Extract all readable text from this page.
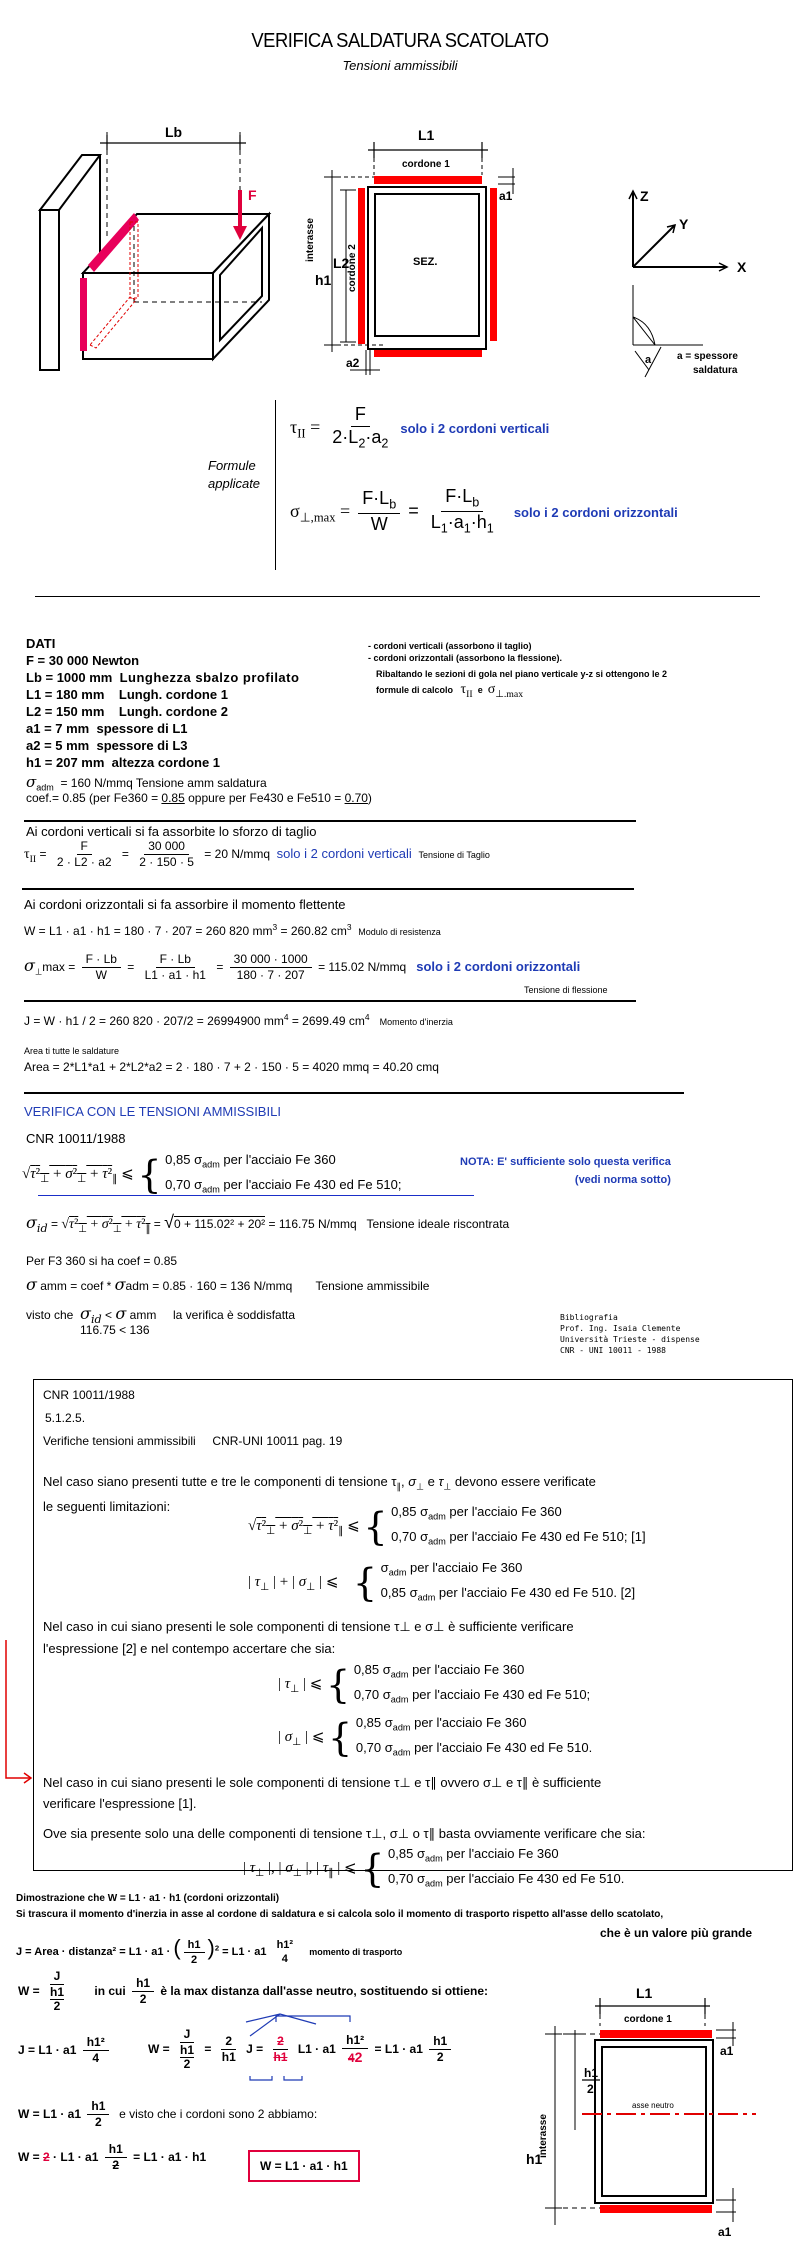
VERIFICA SALDATURA SCATOLATO
Tensioni ammissibili
Lb
F
L1
cordone 1
SEZ.
a1
L2
cordone 2
a2
interasse
h1
Z
Y
X
a	a = spessore
saldatura
Formule
applicate
$\tau_{II} = \frac{F}{2\cdot L_2\cdot a_2}$ solo i 2 cordoni verticali
$\sigma_{\perp,max} = \frac{F\cdot L_b}{W} = \frac{F\cdot L_b}{L_1\cdot a_1\cdot h_1}$ solo i 2 cordoni orizzontali
DATI
F = 30 000 Newton
Lb = 1000 mm Lunghezza sbalzo profilato
L1 = 180 mm Lungh. cordone 1
L2 = 150 mm Lungh. cordone 2
a1 = 7 mm spessore di L1
a2 = 5 mm spessore di L3
h1 = 207 mm altezza cordone 1
$\sigma_{adm} = 160$ N/mmq Tensione amm saldatura
coef.= 0.85 (per Fe360 = 0.85 oppure per Fe430 e Fe510 = 0.70)
- cordoni verticali (assorbono il taglio)
- cordoni orizzontali (assorbono la flessione).
Ribaltando le sezioni di gola nel piano verticale y-z si ottengono le 2
formule di calcolo $\tau_{II}$ e $\sigma_{\perp.max}$
Ai cordoni verticali si fa assorbite lo sforzo di taglio
$\tau_{II} = \frac{F}{2 \cdot L2 \cdot a2} = \frac{30 000}{2 \cdot 150 \cdot 5} = 20$ N/mmq solo i 2 cordoni verticali Tensione di Taglio
Ai cordoni orizzontali si fa assorbire il momento flettente
W = L1 · a1 · h1 = 180 · 7 · 207 = 260 820 $mm^3 = 260.82$ $cm^3$ Modulo di resistenza
$\sigma_\perp\max = \frac{F \cdot Lb}{W} = \frac{F \cdot Lb}{L1 \cdot a1 \cdot h1} = \frac{30 000 \cdot 1000}{180 \cdot 7 \cdot 207} = 115.02$ N/mmq solo i 2 cordoni orizzontali
Tensione di flessione
J = W · h1 / 2 = 260 820 · 207/2 = 26994900 $mm^4 = 2699.49$ $cm^4$ Momento d'inerzia
Area ti tutte le saldature
Area = 2*L1*a1 + 2*L2*a2 = 2 · 180 · 7 + 2 · 150 · 5 = 4020 mmq = 40.20 cmq
VERIFICA CON LE TENSIONI AMMISSIBILI
CNR 10011/1988
$√\tau^2_\perp + \sigma^2_\perp + \tau^2_\parallel$ ⩽ { 0,85 $\sigma_{adm}$ per l'acciaio Fe 360
0,70 $\sigma_{adm}$ per l'acciaio Fe 430 ed Fe 510;
NOTA: E' sufficiente solo questa verifica
(vedi norma sotto)
$\sigma_{id} = √\tau^2_\perp + \sigma^2_\perp + \tau^2_\parallel = √0 + 115.02^2 + 20^2 = 116.75$ N/mmq Tensione ideale riscontrata
Per F3 360 si ha coef = 0.85
σ amm = coef * σadm = 0.85 · 160 = 136 N/mmq Tensione ammissibile
visto che $\sigma_{id} < \sigma$ amm     la verifica è soddisfatta
116.75 < 136
Bibliografia
Prof. Ing. Isaia Clemente
Università Trieste - dispense
CNR - UNI 10011 - 1988
CNR 10011/1988
5.1.2.5.
Verifiche tensioni ammissibili CNR-UNI 10011 pag. 19
Nel caso siano presenti tutte e tre le componenti di tensione $\tau_\parallel$, $\sigma_\perp$ e $\tau_\perp$ devono essere verificate
le seguenti limitazioni:
$√\tau^2_\perp + \sigma^2_\perp + \tau^2_\parallel$ ⩽ { 0,85 $\sigma_{adm}$ per l'acciaio Fe 360
0,70 $\sigma_{adm}$ per l'acciaio Fe 430 ed Fe 510; [1]
| $\tau_\perp$ | + | $\sigma_\perp$ | ⩽ { $\sigma_{adm}$ per l'acciaio Fe 360
0,85 $\sigma_{adm}$ per l'acciaio Fe 430 ed Fe 510. [2]
Nel caso in cui siano presenti le sole componenti di tensione τ⊥ e σ⊥ è sufficiente verificare
l'espressione [2] e nel contempo accertare che sia:
| $\tau_\perp$ | ⩽ { 0,85 $\sigma_{adm}$ per l'acciaio Fe 360
0,70 $\sigma_{adm}$ per l'acciaio Fe 430 ed Fe 510;
| $\sigma_\perp$ | ⩽ { 0,85 $\sigma_{adm}$ per l'acciaio Fe 360
0,70 $\sigma_{adm}$ per l'acciaio Fe 430 ed Fe 510.
Nel caso in cui siano presenti le sole componenti di tensione τ⊥ e τ∥ ovvero σ⊥ e τ∥ è sufficiente
verificare l'espressione [1].
Ove sia presente solo una delle componenti di tensione τ⊥, σ⊥ o τ∥ basta ovviamente verificare che sia:
| $\tau_\perp$ |, | $\sigma_\perp$ |, | $\tau_\parallel$ | ⩽ { 0,85 $\sigma_{adm}$ per l'acciaio Fe 360
0,70 $\sigma_{adm}$ per l'acciaio Fe 430 ed Fe 510.
Dimostrazione che W = L1 · a1 · h1 (cordoni orizzontali)
Si trascura il momento d'inerzia in asse al cordone di saldatura e si calcola solo il momento di trasporto rispetto all'asse dello scatolato,
che è un valore più grande
J = Area · distanza² = L1 · a1 · ( $\frac{h1}{2} )^2 = L1 \cdot a1$
h1²
4
momento di trasporto
W = J
h1
2 in cui $\frac{h1}{2}$ è la max distanza dall'asse neutro, sostituendo si ottiene:
$J = L1 \cdot a1 \frac{\text{h1²}}{4}$	W = J
h1
$2 = \frac{2}{h1}$ $J = \frac{2}{h1} L1 \cdot a1 \frac{\text{h1²}}{42} = L1 \cdot a1 \frac{h1}{2}$
$W = L1 \cdot a1 \frac{h1}{2}$ e visto che i cordoni sono 2 abbiamo:
$W = 2 \cdot L1 \cdot a1 \frac{h1}{2} = L1 \cdot a1 \cdot h1$
W = L1 · a1 · h1
L1
cordone 1
asse neutro
a1
h1
2
interasse
h1
a1
